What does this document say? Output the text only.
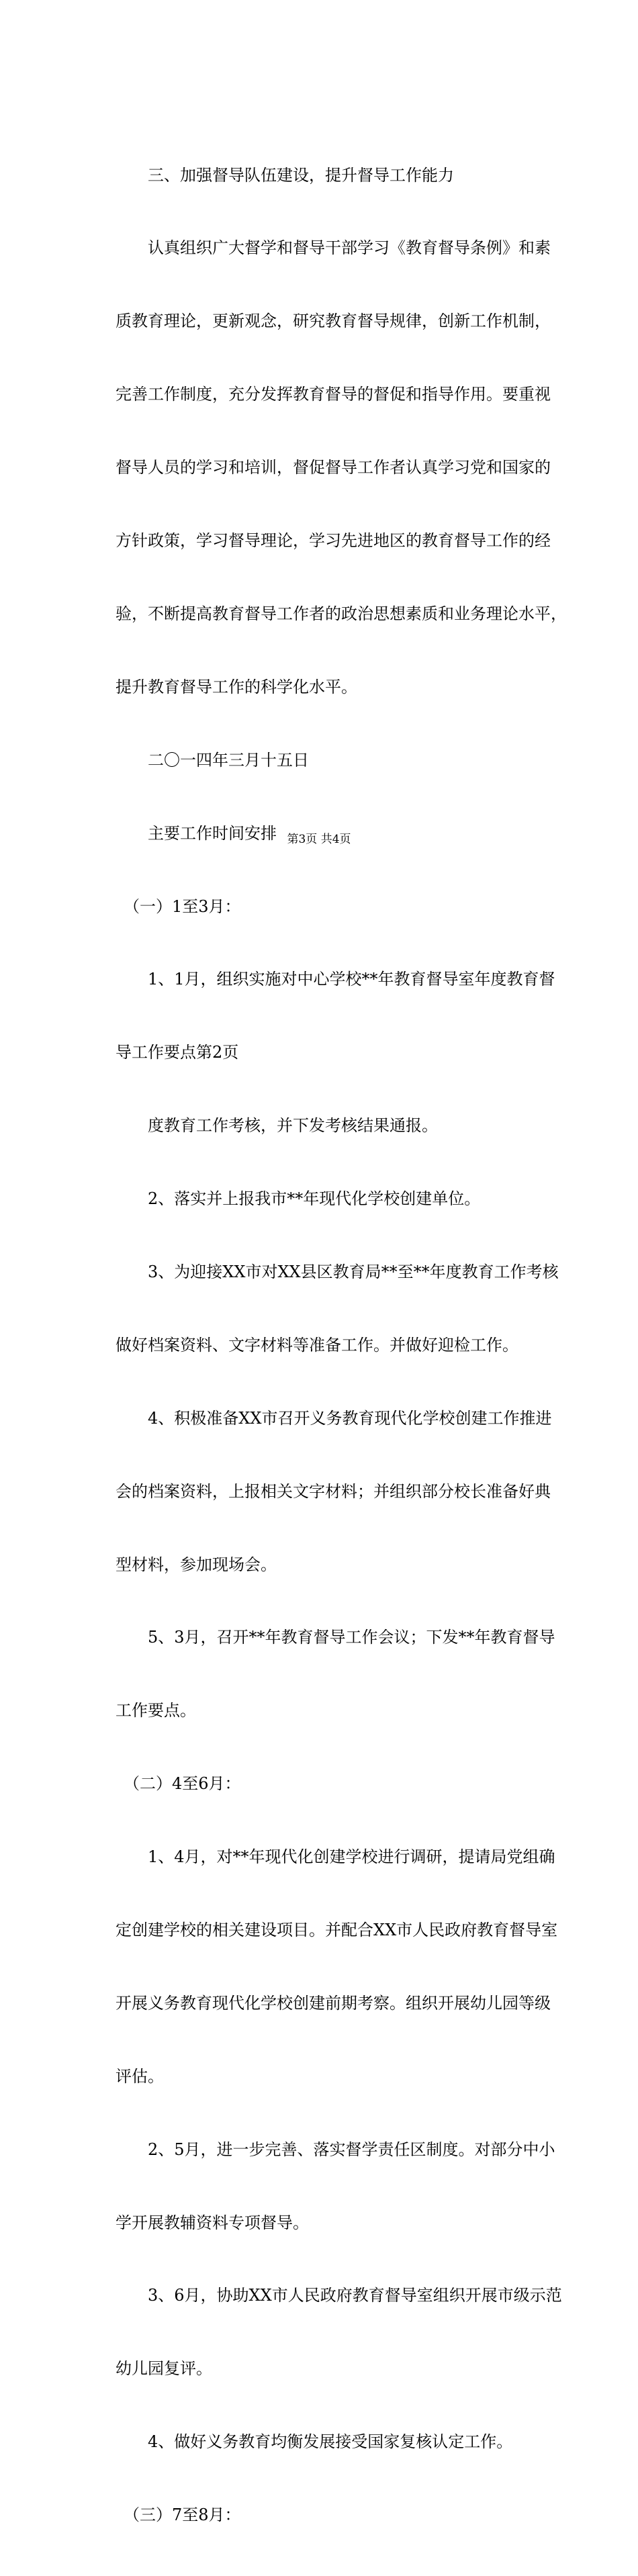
　　三、加强督导队伍建设，提升督导工作能力

　　认真组织广大督学和督导干部学习《教育督导条例》和素

质教育理论，更新观念，研究教育督导规律，创新工作机制，

完善工作制度，充分发挥教育督导的督促和指导作用。要重视

督导人员的学习和培训，督促督导工作者认真学习党和国家的

方针政策，学习督导理论，学习先进地区的教育督导工作的经

验，不断提高教育督导工作者的政治思想素质和业务理论水平，

提升教育督导工作的科学化水平。

　　二〇一四年三月十五日

　　主要工作时间安排

　（一）1至3月：

　　1、1月，组织实施对中心学校**年教育督导室年度教育督

导工作要点第2页

　　度教育工作考核，并下发考核结果通报。

　　2、落实并上报我市**年现代化学校创建单位。

　　3、为迎接XX市对XX县区教育局**至**年度教育工作考核

做好档案资料、文字材料等准备工作。并做好迎检工作。

　　4、积极准备XX市召开义务教育现代化学校创建工作推进

会的档案资料，上报相关文字材料；并组织部分校长准备好典

型材料，参加现场会。

　　5、3月，召开**年教育督导工作会议；下发**年教育督导

工作要点。

　（二）4至6月：

　　1、4月，对**年现代化创建学校进行调研，提请局党组确

定创建学校的相关建设项目。并配合XX市人民政府教育督导室

开展义务教育现代化学校创建前期考察。组织开展幼儿园等级

评估。

　　2、5月，进一步完善、落实督学责任区制度。对部分中小

学开展教辅资料专项督导。

　　3、6月，协助XX市人民政府教育督导室组织开展市级示范

幼儿园复评。

　　4、做好义务教育均衡发展接受国家复核认定工作。

　（三）7至8月：

第3页 共4页
